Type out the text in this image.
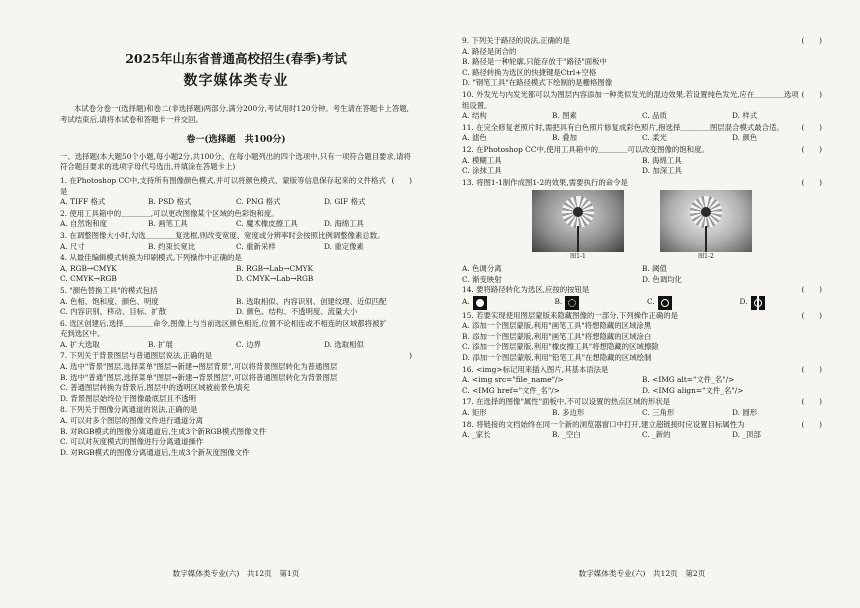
2025年山东省普通高校招生(春季)考试
数字媒体类专业

本试卷分卷一(选择题)和卷二(非选择题)两部分,满分200分,考试用时120分钟。考生请在答题卡上答题,考试结束后,请将本试卷和答题卡一并交回。

卷一(选择题　共100分)
一、选择题(本大题50个小题,每小题2分,共100分。在每小题列出的四个选项中,只有一项符合题目要求,请将符合题目要求的选项字母代号选出,并填涂在答题卡上)
1. 在Photoshop CC中,支持所有图像颜色模式,并可以将颜色模式、蒙版等信息保存起来的文件格式是
(　　)
A. TIFF 格式	B. PSD 格式	C. PNG 格式	D. GIF 格式
2. 使用工具箱中的＿＿＿＿,可以更改图像某个区域的色彩饱和度。
A. 自然饱和度	B. 画笔工具	C. 魔术橡皮擦工具	D. 海绵工具
3. 在调整图像大小时,勾选＿＿＿＿复选框,则改变宽度、宽度或分辨率时会按照比例调整像素总数。
A. 尺寸	B. 约束长宽比	C. 重新采样	D. 重定像素
4. 从最佳编辑模式转换为印刷模式,下列操作中正确的是
A. RGB→CMYK	B. RGB→Lab→CMYK
C. CMYK→RGB	D. CMYK→Lab→RGB
5. "颜色替换工具"的模式包括
A. 色相、饱和度、颜色、明度	B. 选取相似、内容识别、创建纹理、近似匹配
C. 内容识别、移动、目标、扩散	D. 颜色、结构、不透明度、流量大小
6. 选区创建后,选择＿＿＿＿命令,图像上与当前选区颜色相近,位置不论相连或不相连的区域都将被扩充到选区中。
A. 扩大选取	B. 扩展	C. 边界	D. 选取相似
7. 下列关于背景图层与普通图层说法,正确的是	)
A. 选中"背景"图层,选择菜单"图层→新建→图层背景",可以将背景图层转化为普通图层
B. 选中"普通"图层,选择菜单"图层→新建→背景图层",可以将普通图层转化为背景图层
C. 普通图层转换为背景后,图层中的透明区域被前景色填充
D. 背景图层始终位于图像最底层且不透明
8. 下列关于图像分离通道的说法,正确的是
A. 可以对多个图层的图像文件进行通道分离
B. 对RGB模式的图像分离通道后,生成3个新RGB模式图像文件
C. 可以对灰度模式的图像进行分离通道操作
D. 对RGB模式的图像分离通道后,生成3个新灰度图像文件
数字媒体类专业(六)　共12页　第1页
9. 下列关于路径的说法,正确的是	(　　)
A. 路径是闭合的
B. 路径是一种轮廓,只能存放于"路径"面板中
C. 路径转换为选区的快捷键是Ctrl+空格
D. "钢笔工具"在路径模式下绘制的是栅格图像
10. 外发光与内发光都可以为图层内容添加一种类似发光的混边效果,若设置纯色发光,应在＿＿＿＿选项组设置。
(　　)
A. 结构	B. 图素	C. 品质	D. 样式
11. 在完全修复老照片时,需把具有白色照片修复成彩色照片,抱选择＿＿＿＿图层混合模式最合适。	(　　)
A. 滤色	B. 叠加	C. 柔光	D. 颜色
12. 在Photoshop CC中,使用工具箱中的＿＿＿＿可以改变图像的饱和度。	(　　)
A. 模糊工具	B. 海绵工具
C. 涂抹工具	D. 加深工具
13. 将图1-1制作成图1-2的效果,需要执行的命令是	(　　)
图1-1	图1-2
A. 色调分离	B. 阈值
C. 渐变映射	D. 色调均化
14. 要将路径转化为选区,应按的按钮是	(　　)
A.	B.	C.	D.
15. 若要实现使用图层蒙版来隐藏图像的一部分,下列操作正确的是	(　　)
A. 添加一个图层蒙版,利用"画笔工具"将想隐藏的区域涂黑
B. 添加一个图层蒙版,利用"画笔工具"将想隐藏的区域涂白
C. 添加一个图层蒙版,利用"橡皮擦工具"将想隐藏的区域擦除
D. 添加一个图层蒙版,利用"铅笔工具"在想隐藏的区域绘制
16. <img>标记用来插入图片,其基本语法是	(　　)
A. <img src="file_name"/>	B. <IMG alt="文件_名"/>
C. <IMG href="文件_名"/>	D. <IMG align="文件_名"/>
17. 在选择的图像"属性"面板中,不可以设置的热点区域的形状是	(　　)
A. 矩形	B. 多边形	C. 三角形	D. 圆形
18. 将链接的文档始终在同一个新的浏览器窗口中打开,建立超链接时应设置目标属性为	(　　)
A. _家长	B. _空白	C. _新的	D. _顶部
数字媒体类专业(六)　共12页　第2页
